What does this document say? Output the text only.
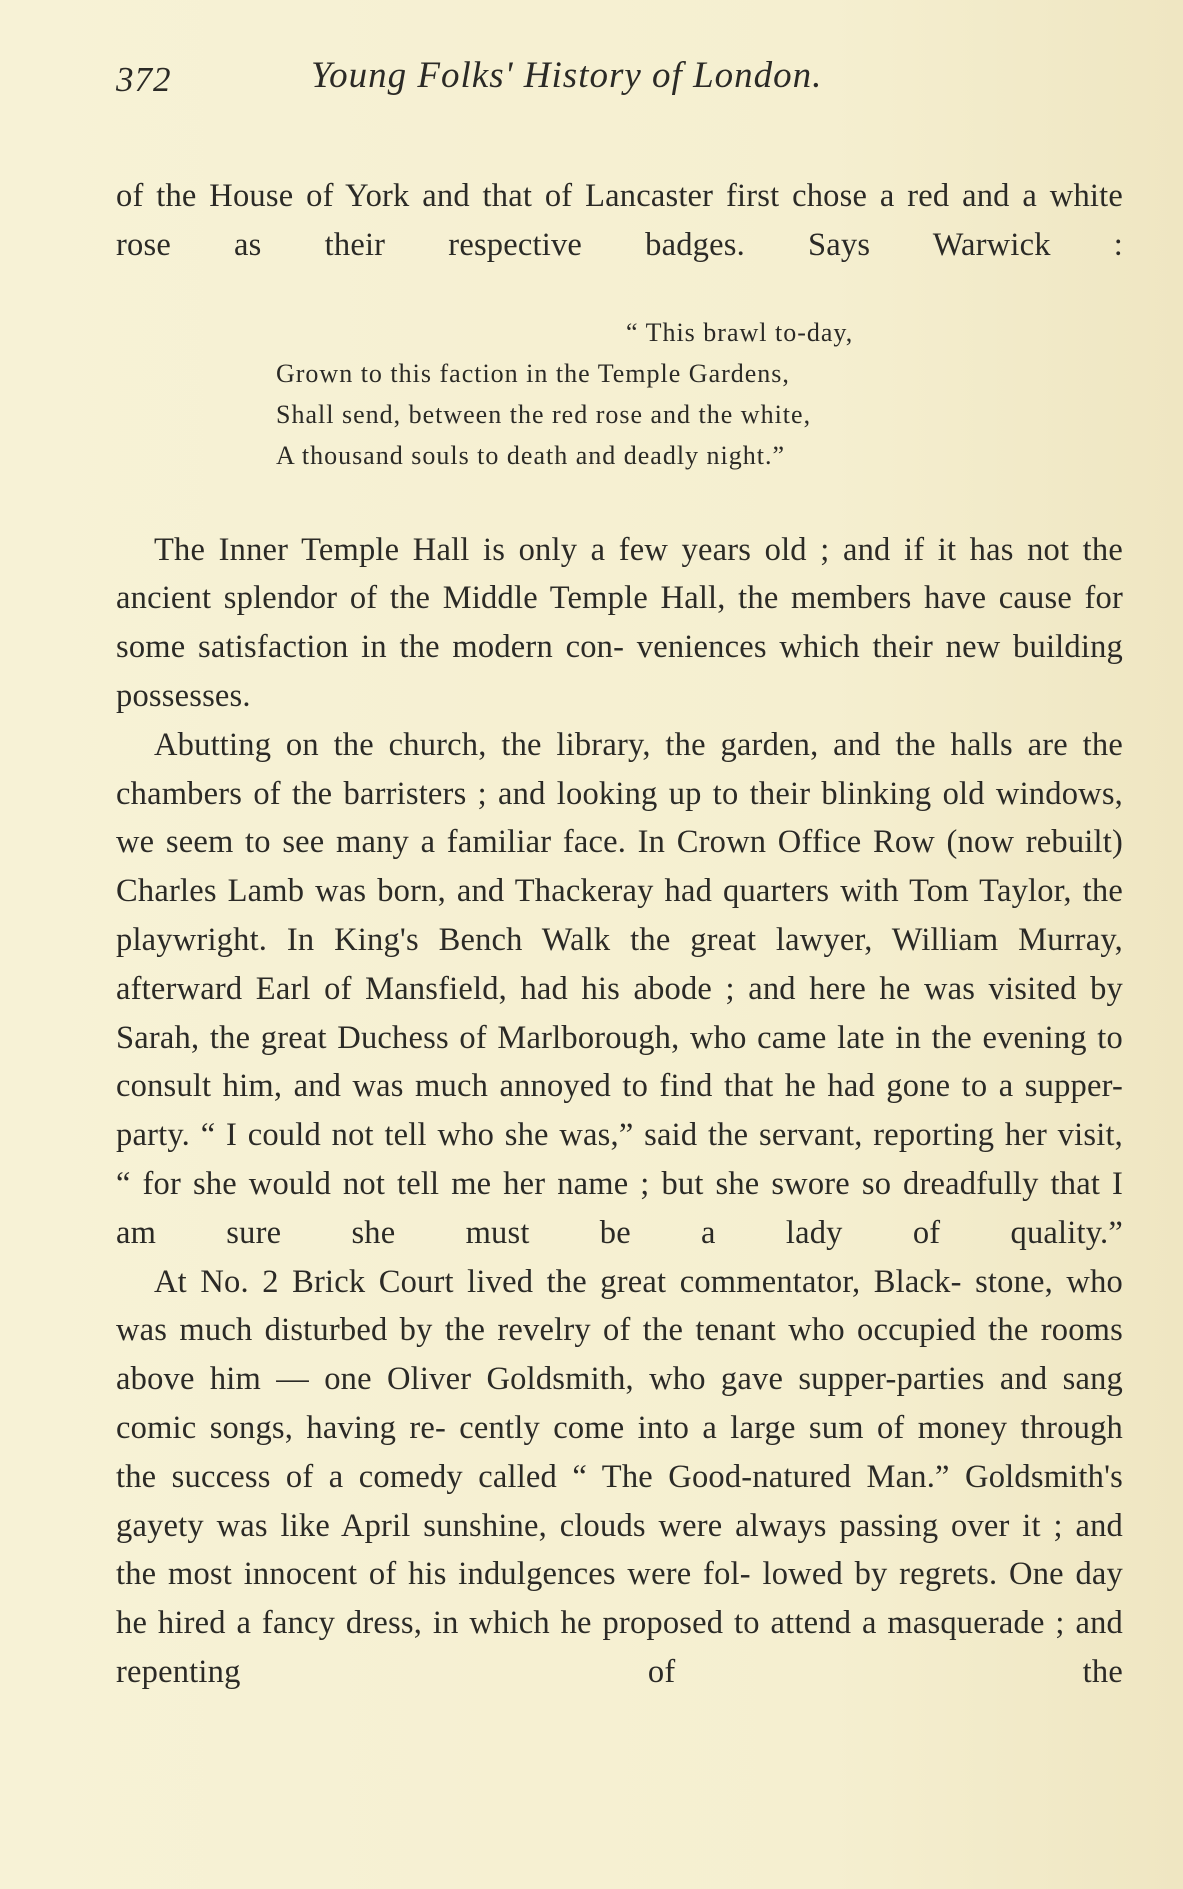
372	Young Folks' History of London.

of the House of York and that of Lancaster first chose a red and a white rose as their respective badges. Says Warwick :

“ This brawl to-day,
Grown to this faction in the Temple Gardens,
Shall send, between the red rose and the white,
A thousand souls to death and deadly night.”

The Inner Temple Hall is only a few years old ; and if it has not the ancient splendor of the Middle Temple Hall, the members have cause for some satisfaction in the modern con- veniences which their new building possesses.

Abutting on the church, the library, the garden, and the halls are the chambers of the barristers ; and looking up to their blinking old windows, we seem to see many a familiar face. In Crown Office Row (now rebuilt) Charles Lamb was born, and Thackeray had quarters with Tom Taylor, the playwright. In King's Bench Walk the great lawyer, William Murray, afterward Earl of Mansfield, had his abode ; and here he was visited by Sarah, the great Duchess of Marlborough, who came late in the evening to consult him, and was much annoyed to find that he had gone to a supper-party. “ I could not tell who she was,” said the servant, reporting her visit, “ for she would not tell me her name ; but she swore so dreadfully that I am sure she must be a lady of quality.”

At No. 2 Brick Court lived the great commentator, Black- stone, who was much disturbed by the revelry of the tenant who occupied the rooms above him — one Oliver Goldsmith, who gave supper-parties and sang comic songs, having re- cently come into a large sum of money through the success of a comedy called “ The Good-natured Man.” Goldsmith's gayety was like April sunshine, clouds were always passing over it ; and the most innocent of his indulgences were fol- lowed by regrets. One day he hired a fancy dress, in which he proposed to attend a masquerade ; and repenting of the
